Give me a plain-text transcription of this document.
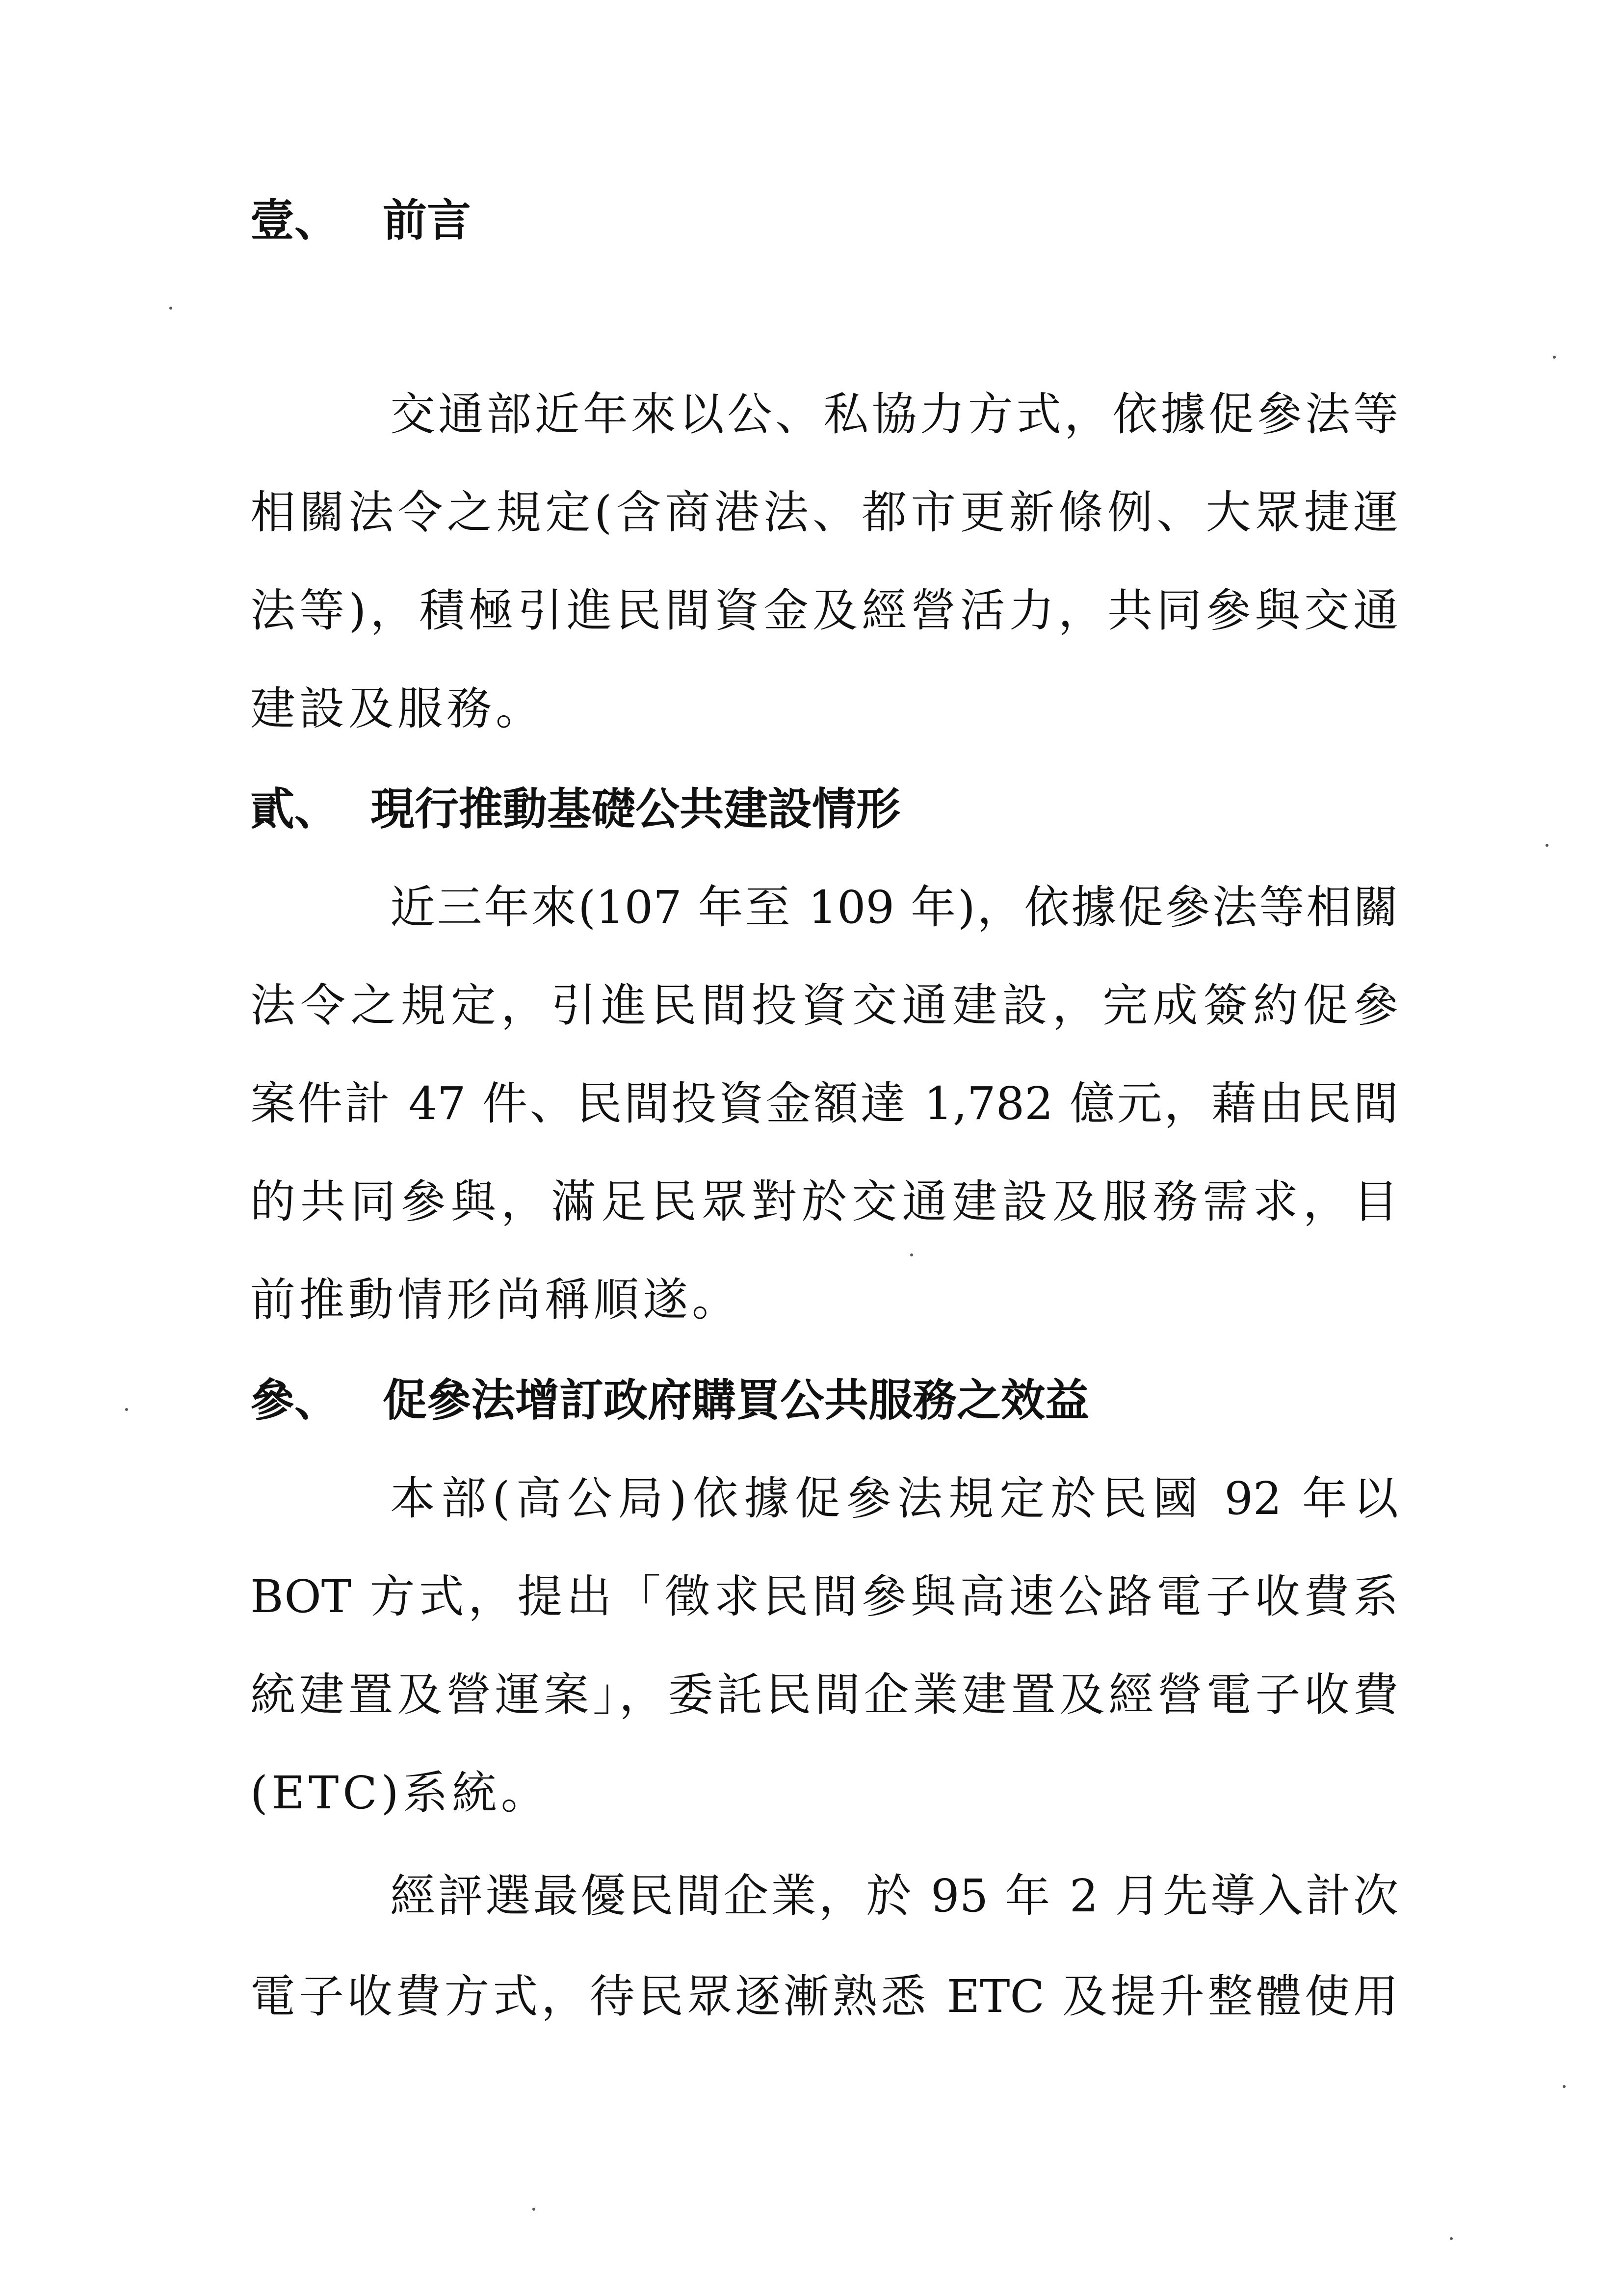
壹、 前言
交通部近年來以公、私協力方式，依據促參法等
相關法令之規定(含商港法、都市更新條例、大眾捷運
法等)，積極引進民間資金及經營活力，共同參與交通
建設及服務。
貳、 現行推動基礎公共建設情形
近三年來(107 年至 109 年)，依據促參法等相關
法令之規定，引進民間投資交通建設，完成簽約促參
案件計 47 件、民間投資金額達 1,782 億元，藉由民間
的共同參與，滿足民眾對於交通建設及服務需求，目
前推動情形尚稱順遂。
參、 促參法增訂政府購買公共服務之效益
本部(高公局)依據促參法規定於民國 92 年以
BOT 方式，提出「徵求民間參與高速公路電子收費系
統建置及營運案」，委託民間企業建置及經營電子收費
(ETC)系統。
經評選最優民間企業，於 95 年 2 月先導入計次
電子收費方式，待民眾逐漸熟悉 ETC 及提升整體使用
